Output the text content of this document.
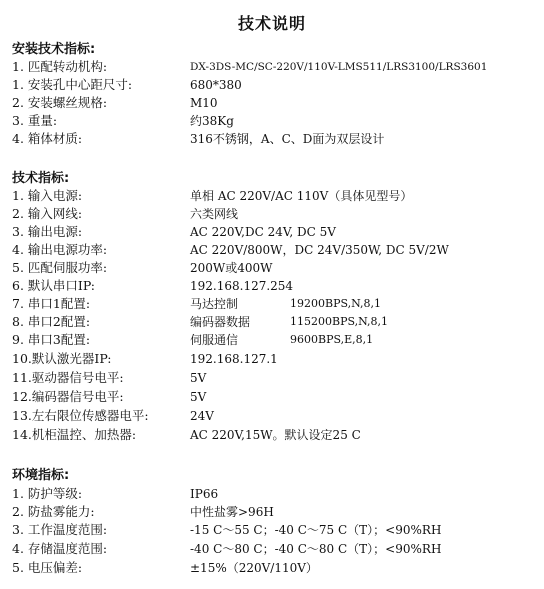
技术说明
安装技术指标:
1. 匹配转动机构:	DX-3DS-MC/SC-220V/110V-LMS511/LRS3100/LRS3601
1. 安装孔中心距尺寸:	680*380
2. 安装螺丝规格:	M10
3. 重量:	约38Kg
4. 箱体材质:	316不锈钢，A、C、D面为双层设计
技术指标:
1. 输入电源:	单相 AC 220V/AC 110V（具体见型号）
2. 输入网线:	六类网线
3. 输出电源:	AC 220V,DC 24V, DC 5V
4. 输出电源功率:	AC 220V/800W，DC 24V/350W, DC 5V/2W
5. 匹配伺服功率:	200W或400W
6. 默认串口IP:	192.168.127.254
7. 串口1配置:	马达控制	19200BPS,N,8,1
8. 串口2配置:	编码器数据	115200BPS,N,8,1
9. 串口3配置:	伺服通信	9600BPS,E,8,1
10.默认激光器IP:	192.168.127.1
11.驱动器信号电平:	5V
12.编码器信号电平:	5V
13.左右限位传感器电平:	24V
14.机柜温控、加热器:	AC 220V,15W。默认设定25 C
环境指标:
1. 防护等级:	IP66
2. 防盐雾能力:	中性盐雾>96H
3. 工作温度范围:	-15 C～55 C；-40 C～75 C（T）；<90%RH
4. 存储温度范围:	-40 C～80 C；-40 C～80 C（T）；<90%RH
5. 电压偏差:	±15%（220V/110V）
